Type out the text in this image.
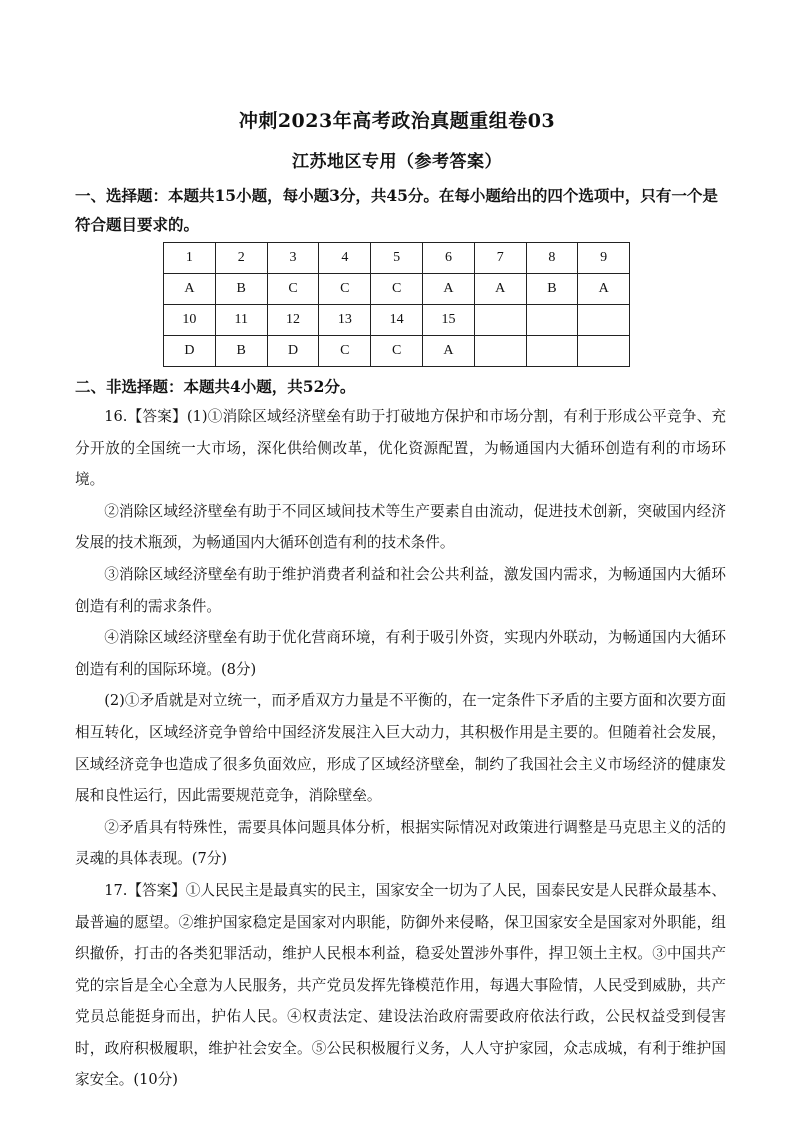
冲刺2023年高考政治真题重组卷03
江苏地区专用（参考答案）
一、选择题：本题共15小题，每小题3分，共45分。在每小题给出的四个选项中，只有一个是符合题目要求的。
1	2	3	4	5	6	7	8	9
A	B	C	C	C	A	A	B	A
10	11	12	13	14	15			
D	B	D	C	C	A			
二、非选择题：本题共4小题，共52分。

16.【答案】(1)①消除区域经济壁垒有助于打破地方保护和市场分割，有利于形成公平竞争、充分开放的全国统一大市场，深化供给侧改革，优化资源配置，为畅通国内大循环创造有利的市场环境。

②消除区域经济壁垒有助于不同区域间技术等生产要素自由流动，促进技术创新，突破国内经济发展的技术瓶颈，为畅通国内大循环创造有利的技术条件。

③消除区域经济壁垒有助于维护消费者利益和社会公共利益，激发国内需求，为畅通国内大循环创造有利的需求条件。

④消除区域经济壁垒有助于优化营商环境，有利于吸引外资，实现内外联动，为畅通国内大循环创造有利的国际环境。(8分)

(2)①矛盾就是对立统一，而矛盾双方力量是不平衡的，在一定条件下矛盾的主要方面和次要方面相互转化，区域经济竞争曾给中国经济发展注入巨大动力，其积极作用是主要的。但随着社会发展，区域经济竞争也造成了很多负面效应，形成了区域经济壁垒，制约了我国社会主义市场经济的健康发展和良性运行，因此需要规范竞争，消除壁垒。

②矛盾具有特殊性，需要具体问题具体分析，根据实际情况对政策进行调整是马克思主义的活的灵魂的具体表现。(7分)

17.【答案】①人民民主是最真实的民主，国家安全一切为了人民，国泰民安是人民群众最基本、最普遍的愿望。②维护国家稳定是国家对内职能，防御外来侵略，保卫国家安全是国家对外职能，组织撤侨，打击的各类犯罪活动，维护人民根本利益，稳妥处置涉外事件，捍卫领土主权。③中国共产党的宗旨是全心全意为人民服务，共产党员发挥先锋模范作用，每遇大事险情，人民受到威胁，共产党员总能挺身而出，护佑人民。④权责法定、建设法治政府需要政府依法行政，公民权益受到侵害时，政府积极履职，维护社会安全。⑤公民积极履行义务，人人守护家园，众志成城，有利于维护国家安全。(10分)
